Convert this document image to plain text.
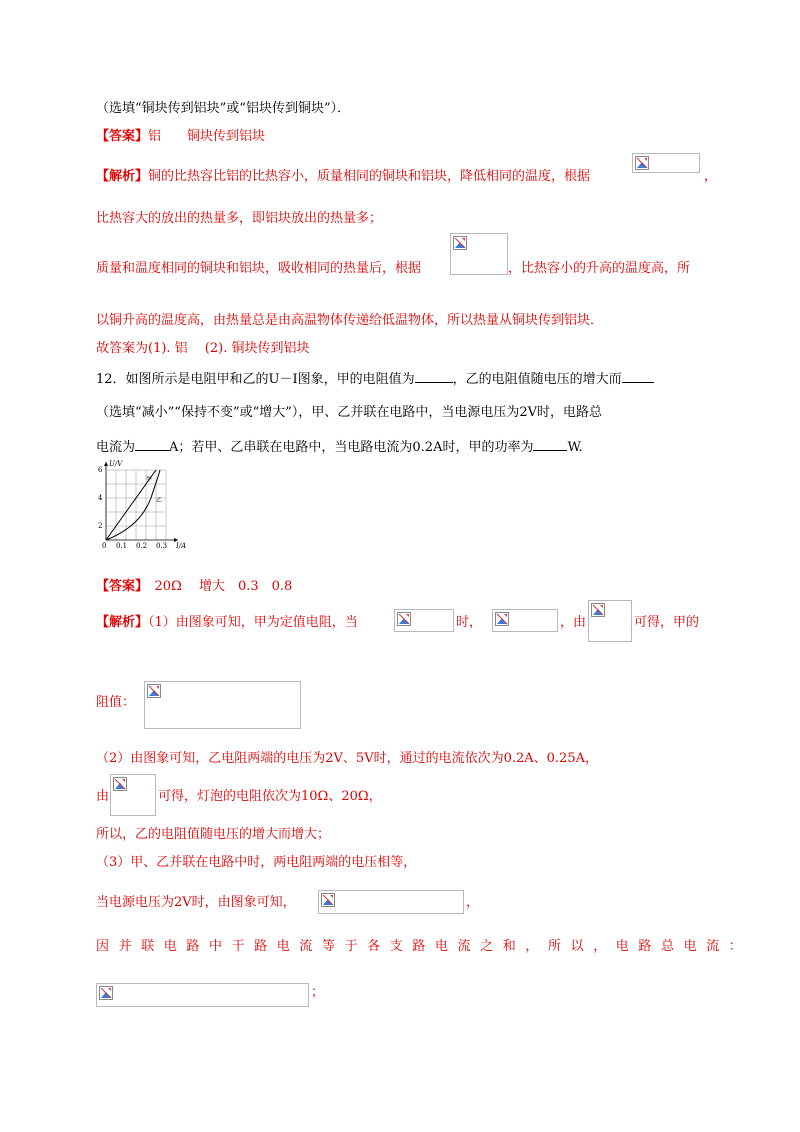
（选填“铜块传到铝块”或“铝块传到铜块”）．
【答案】铝　　铜块传到铝块
【解析】铜的比热容比铝的比热容小，质量相同的铜块和铝块，降低相同的温度，根据	，
比热容大的放出的热量多，即铝块放出的热量多；
质量和温度相同的铜块和铝块，吸收相同的热量后，根据	，比热容小的升高的温度高，所
以铜升高的温度高，由热量总是由高温物体传递给低温物体，所以热量从铜块传到铝块．
故答案为(1). 铝　 (2). 铜块传到铝块
12．如图所示是电阻甲和乙的U－I图象，甲的电阻值为	，乙的电阻值随电压的增大而
（选填“减小”“保持不变”或“增大”），甲、乙并联在电路中，当电源电压为2V时，电路总
电流为	A；若甲、乙串联在电路中，当电路电流为0.2A时，甲的功率为	W.
U/V
I/A
2
4
6
0 0.1 0.2 0.3
甲
乙
【答案】　20Ω　 增大　0.3　0.8
【解析】（1）由图象可知，甲为定值电阻，当	时，	，由	可得，甲的
阻值：
（2）由图象可知，乙电阻两端的电压为2V、5V时，通过的电流依次为0.2A、0.25A，
由	可得，灯泡的电阻依次为10Ω、20Ω，
所以，乙的电阻值随电压的增大而增大；
（3）甲、乙并联在电路中时，两电阻两端的电压相等，
当电源电压为2V时，由图象可知，	，
因并联电路中干路电流等于各支路电流之和，所以，电路总电流：
；
